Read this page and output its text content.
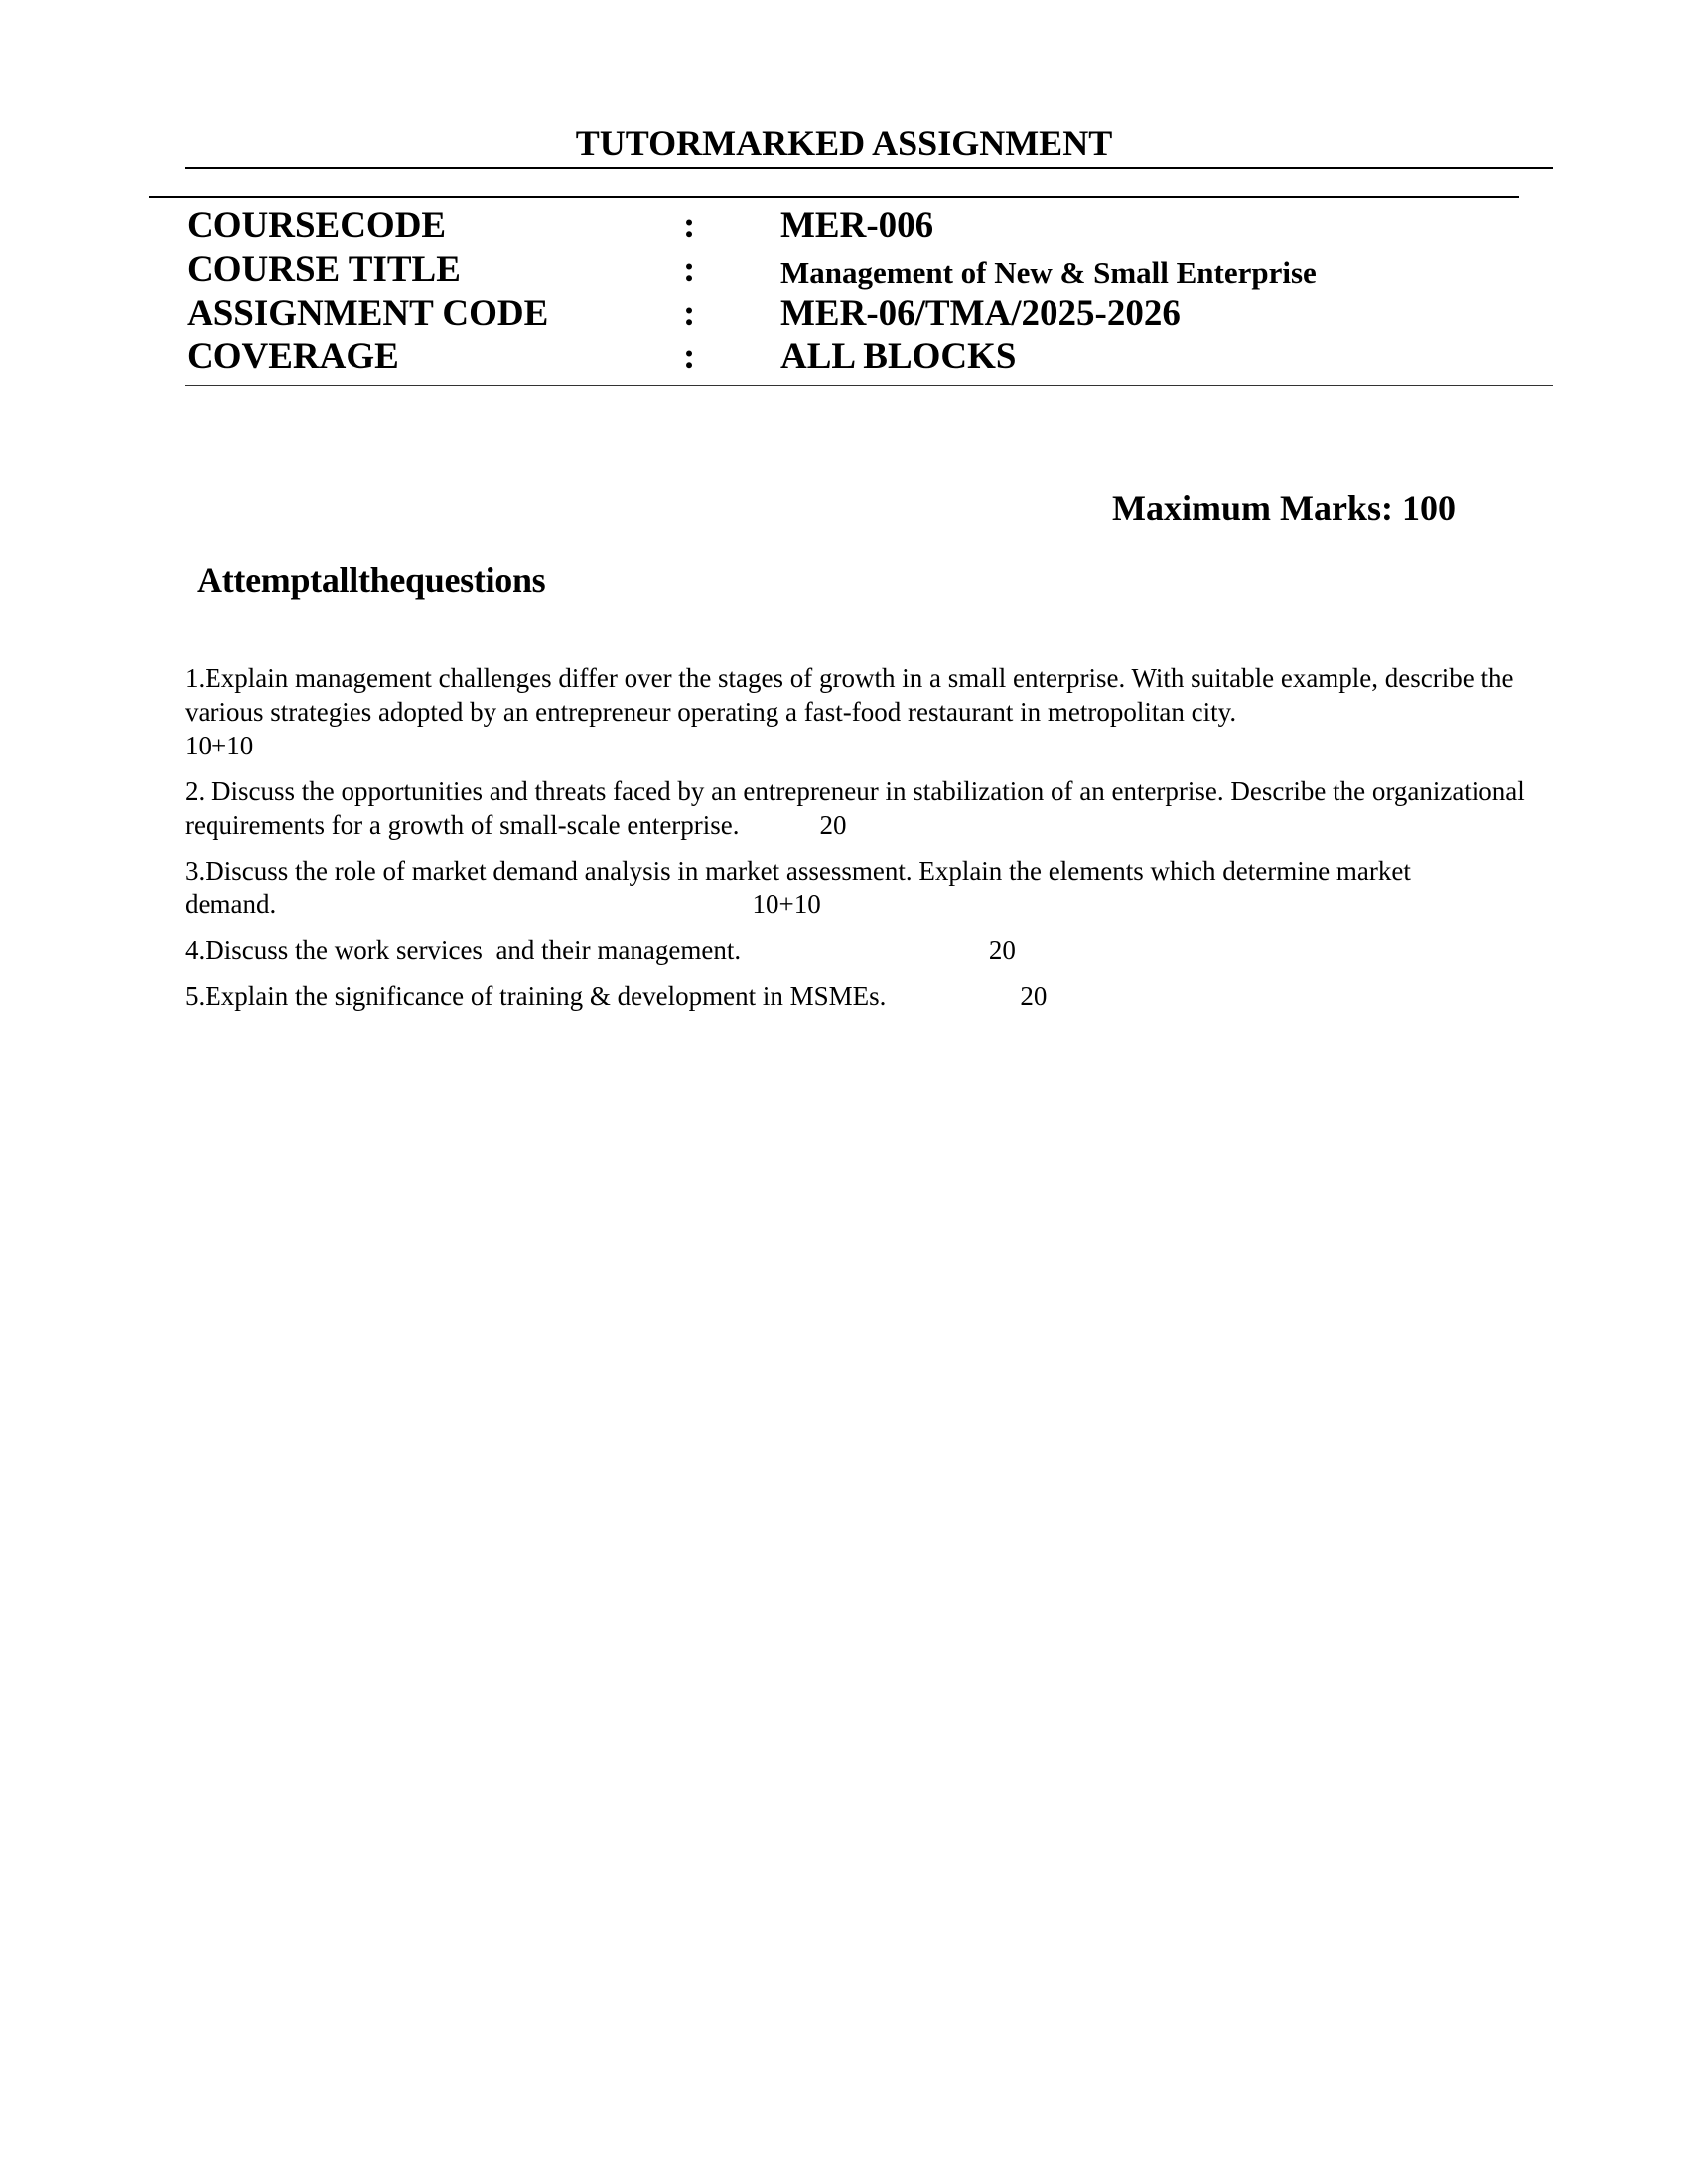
TUTORMARKED ASSIGNMENT
COURSECODE	: MER-006
COURSE TITLE	:	Management of New & Small Enterprise
ASSIGNMENT CODE	: MER-06/TMA/2025-2026
COVERAGE	: ALL BLOCKS
Maximum Marks: 100
Attemptallthequestions

1.Explain management challenges differ over the stages of growth in a small enterprise. With suitable example, describe the various strategies adopted by an entrepreneur operating a fast-food restaurant in metropolitan city.
10+10

2. Discuss the opportunities and threats faced by an entrepreneur in stabilization of an enterprise. Describe the organizational requirements for a growth of small-scale enterprise.	20

3.Discuss the role of market demand analysis in market assessment. Explain the elements which determine market demand.	10+10

4.Discuss the work services  and their management.	20

5.Explain the significance of training & development in MSMEs.	20
